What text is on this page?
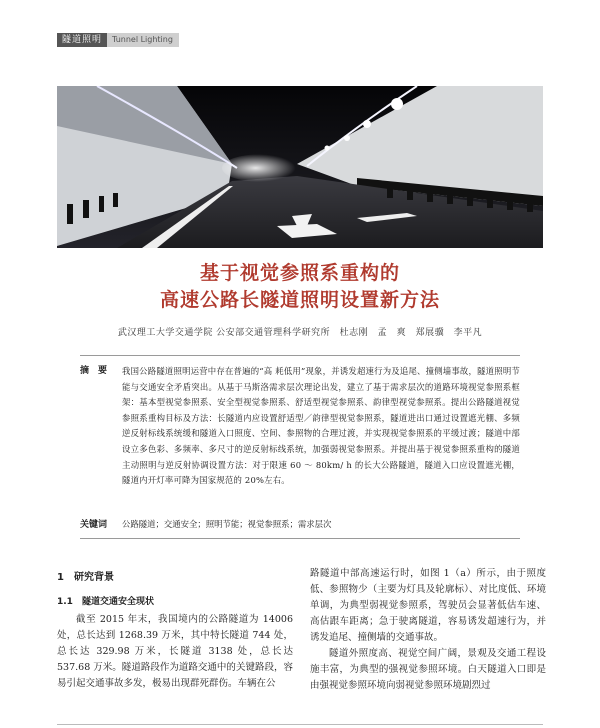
隧道照明	Tunnel Lighting
基于视觉参照系重构的
高速公路长隧道照明设置新方法
武汉理工大学交通学院 公安部交通管理科学研究所　杜志刚　孟　爽　郑展骥　李平凡
摘　要 我国公路隧道照明运营中存在普遍的“高 耗低用”现象，并诱发超速行为及追尾、撞侧墙事故，隧道照明节能与交通安全矛盾突出。从基于马斯洛需求层次理论出发，建立了基于需求层次的道路环境视觉参照系框架：基本型视觉参照系、安全型视觉参照系、舒适型视觉参照系、韵律型视觉参照系。提出公路隧道视觉参照系重构目标及方法：长隧道内应设置舒适型／韵律型视觉参照系，隧道进出口通过设置遮光棚、多频逆反射标线系统缓和隧道入口照度、空间、参照物的合理过渡，并实现视觉参照系的平缓过渡；隧道中部设立多色彩、多频率、多尺寸的逆反射标线系统，加强弱视觉参照系。并提出基于视觉参照系重构的隧道主动照明与逆反射协调设置方法：对于限速 60 ～ 80km/ h 的长大公路隧道，隧道入口应设置遮光棚，隧道内开灯率可降为国家规范的 20%左右。
关键词 公路隧道；交通安全；照明节能；视觉参照系；需求层次
1　研究背景
1.1　隧道交通安全现状

截至 2015 年末，我国境内的公路隧道为 14006 处，总长达到 1268.39 万米，其中特长隧道 744 处，总长达 329.98 万米，长隧道 3138 处，总长达 537.68 万米。隧道路段作为道路交通中的关键路段，容易引起交通事故多发，极易出现群死群伤。车辆在公

路隧道中部高速运行时，如图 1（a）所示，由于照度低、参照物少（主要为灯具及轮廓标）、对比度低、环境单调，为典型弱视觉参照系，驾驶员会显著低估车速、高估跟车距离；急于驶离隧道，容易诱发超速行为，并诱发追尾、撞侧墙的交通事故。

隧道外照度高、视觉空间广阔，景观及交通工程设施丰富，为典型的强视觉参照环境。白天隧道入口即是由强视觉参照环境向弱视觉参照环境剧烈过
